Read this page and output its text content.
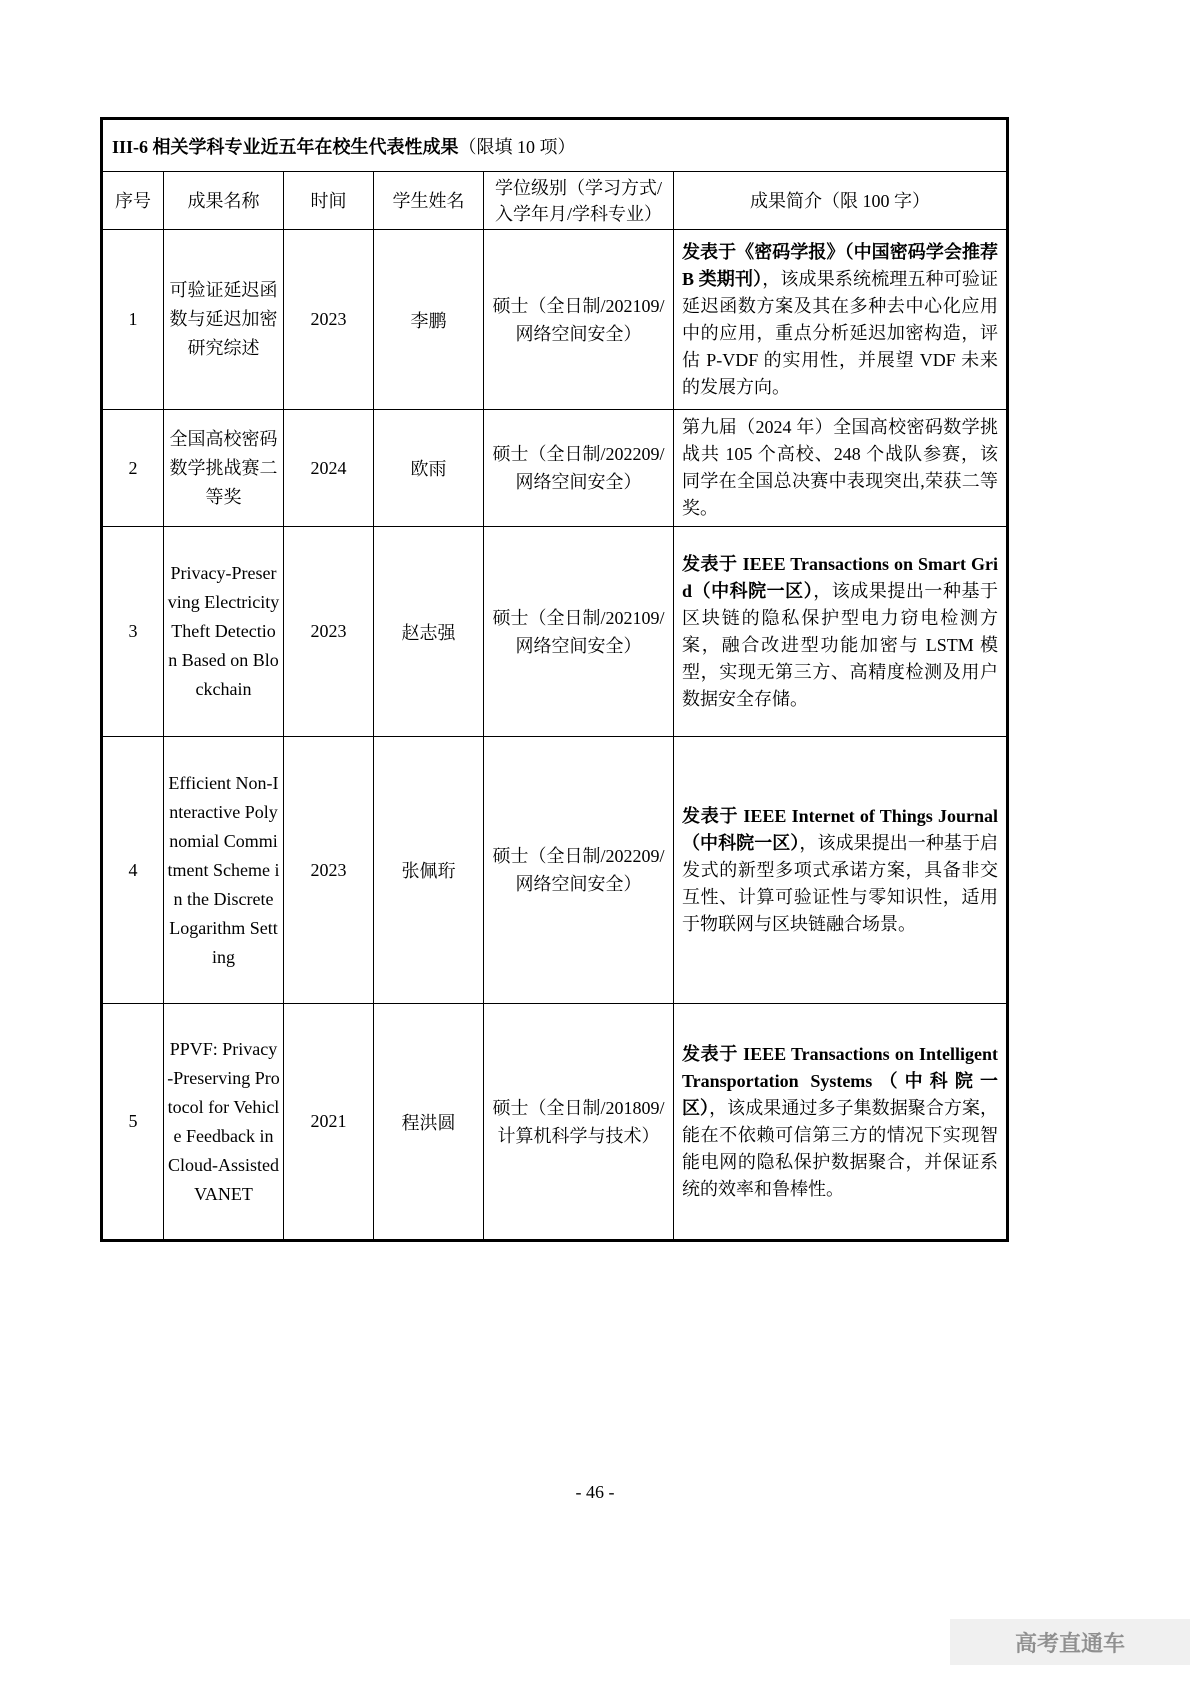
III-6 相关学科专业近五年在校生代表性成果（限填 10 项）					
序号	成果名称	时间	学生姓名	学位级别（学习方式/入学年月/学科专业）	成果简介（限 100 字）
1	可验证延迟函数与延迟加密研究综述	2023	李鹏	硕士（全日制/202109/网络空间安全）	发表于《密码学报》（中国密码学会推荐 B 类期刊），该成果系统梳理五种可验证延迟函数方案及其在多种去中心化应用中的应用，重点分析延迟加密构造，评估 P-VDF 的实用性，并展望 VDF 未来的发展方向。
2	全国高校密码数学挑战赛二等奖	2024	欧雨	硕士（全日制/202209/网络空间安全）	第九届（2024 年）全国高校密码数学挑战共 105 个高校、248 个战队参赛，该同学在全国总决赛中表现突出,荣获二等奖。
3	Privacy-Preserving Electricity Theft Detection Based on Blockchain	2023	赵志强	硕士（全日制/202109/网络空间安全）	发表于 IEEE Transactions on Smart Grid（中科院一区），该成果提出一种基于区块链的隐私保护型电力窃电检测方案，融合改进型功能加密与 LSTM 模型，实现无第三方、高精度检测及用户数据安全存储。
4	Efficient Non-Interactive Polynomial Commitment Scheme in the Discrete Logarithm Setting	2023	张佩珩	硕士（全日制/202209/网络空间安全）	发表于 IEEE Internet of Things Journal（中科院一区），该成果提出一种基于启发式的新型多项式承诺方案，具备非交互性、计算可验证性与零知识性，适用于物联网与区块链融合场景。
5	PPVF: Privacy-Preserving Protocol for Vehicle Feedback in Cloud-Assisted VANET	2021	程洪圆	硕士（全日制/201809/计算机科学与技术）	发表于 IEEE Transactions on Intelligent Transportation Systems（中科院一区），该成果通过多子集数据聚合方案，能在不依赖可信第三方的情况下实现智能电网的隐私保护数据聚合，并保证系统的效率和鲁棒性。
- 46 -
高考直通车
